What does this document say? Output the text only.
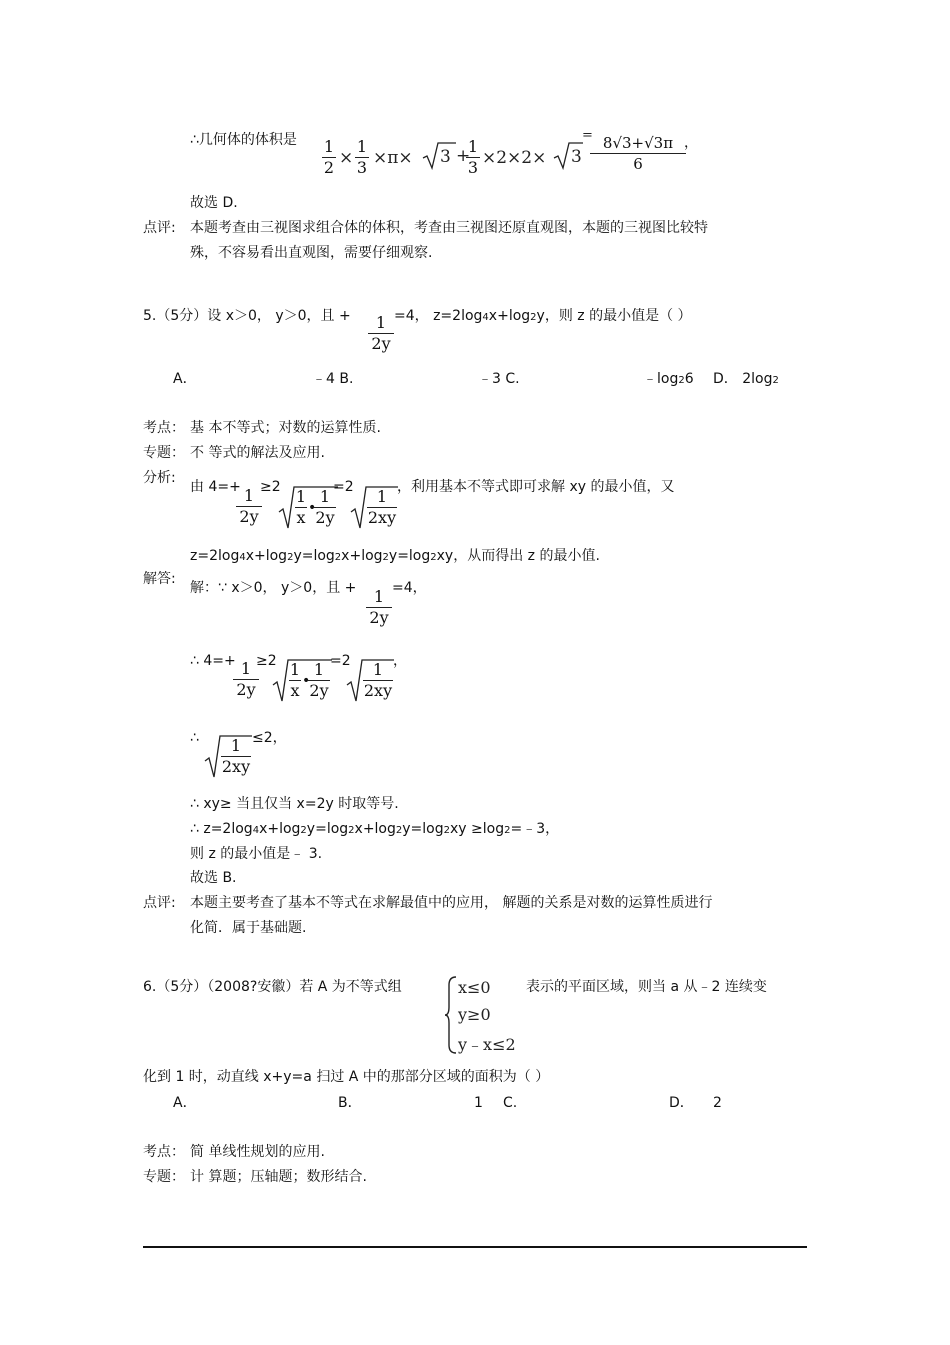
∴几何体的体积是 1
2 ×
1
3 ×π× 3 +
1
3 ×2×2× 3
= 8√3+√3π
6
，
故选 D.
点评: 本题考查由三视图求组合体的体积，考查由三视图还原直观图，本题的三视图比较特
殊，不容易看出直观图，需要仔细观察.
5.（5分）设 x＞0， y＞0，且 +	1
2y
=4， z=2log4x+log2y，则 z 的最小值是（ ）
A．	﹣4 B.	﹣3 C.	﹣log26 D． 2log2
考点： 基 本不等式；对数的运算性质.
专题： 不 等式的解法及应用.
分析:
由 4=+ 1
2y
≥2 1
x •
1
2y
=2	1
2xy
，利用基本不等式即可求解 xy 的最小值，又
z=2log4x+log2y=log2x+log2y=log2xy，从而得出 z 的最小值.
解答:
解：∵ x＞0， y＞0，且 +	1
2y
=4，
∴ 4=+ 1
2y
≥2 1
x •
1
2y
=2	1
2xy
，
∴	1
2xy
≤2，
∴ xy≥ 当且仅当 x=2y 时取等号.
∴ z=2log4x+log2y=log2x+log2y=log2xy ≥log2=﹣3，
则 z 的最小值是﹣ 3.
故选 B.
点评: 本题主要考查了基本不等式在求解最值中的应用， 解题的关系是对数的运算性质进行
化简．属于基础题.
6.（5分）（2008?安徽）若 A 为不等式组	x≤0
y≥0
y﹣x≤2
表示的平面区域，则当 a 从﹣2 连续变
化到 1 时，动直线 x+y=a 扫过 A 中的那部分区域的面积为（ ）
A．	B．	1 C.	D． 2
考点： 简 单线性规划的应用.
专题： 计 算题；压轴题；数形结合.
